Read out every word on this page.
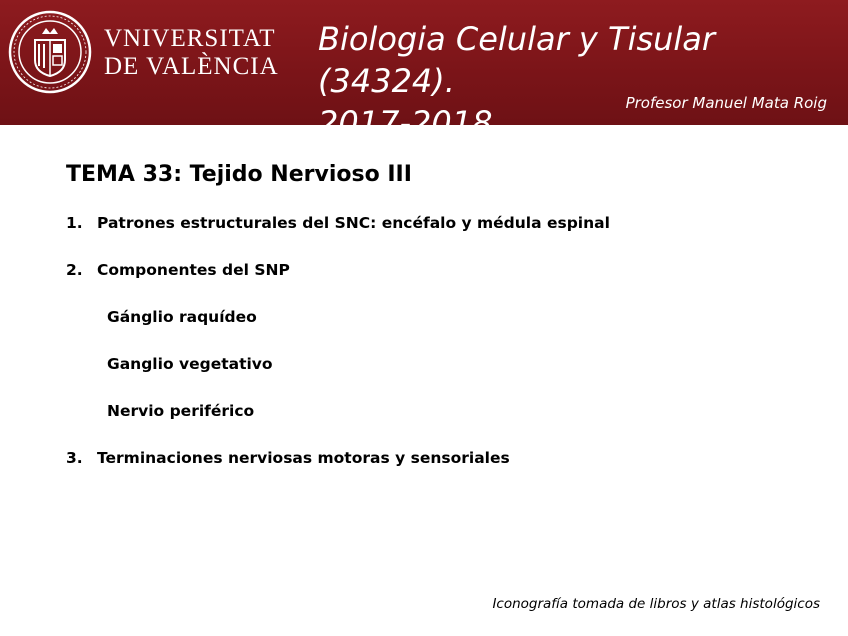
VNIVERSITAT
DE VALÈNCIA
Biologia Celular y Tisular (34324).
2017-2018
Profesor Manuel Mata Roig
TEMA 33: Tejido Nervioso III
1. Patrones estructurales del SNC: encéfalo y médula espinal
2. Componentes del SNP
Gánglio raquídeo
Ganglio vegetativo
Nervio periférico
3. Terminaciones nerviosas motoras y sensoriales
Iconografía tomada de libros y atlas histológicos
